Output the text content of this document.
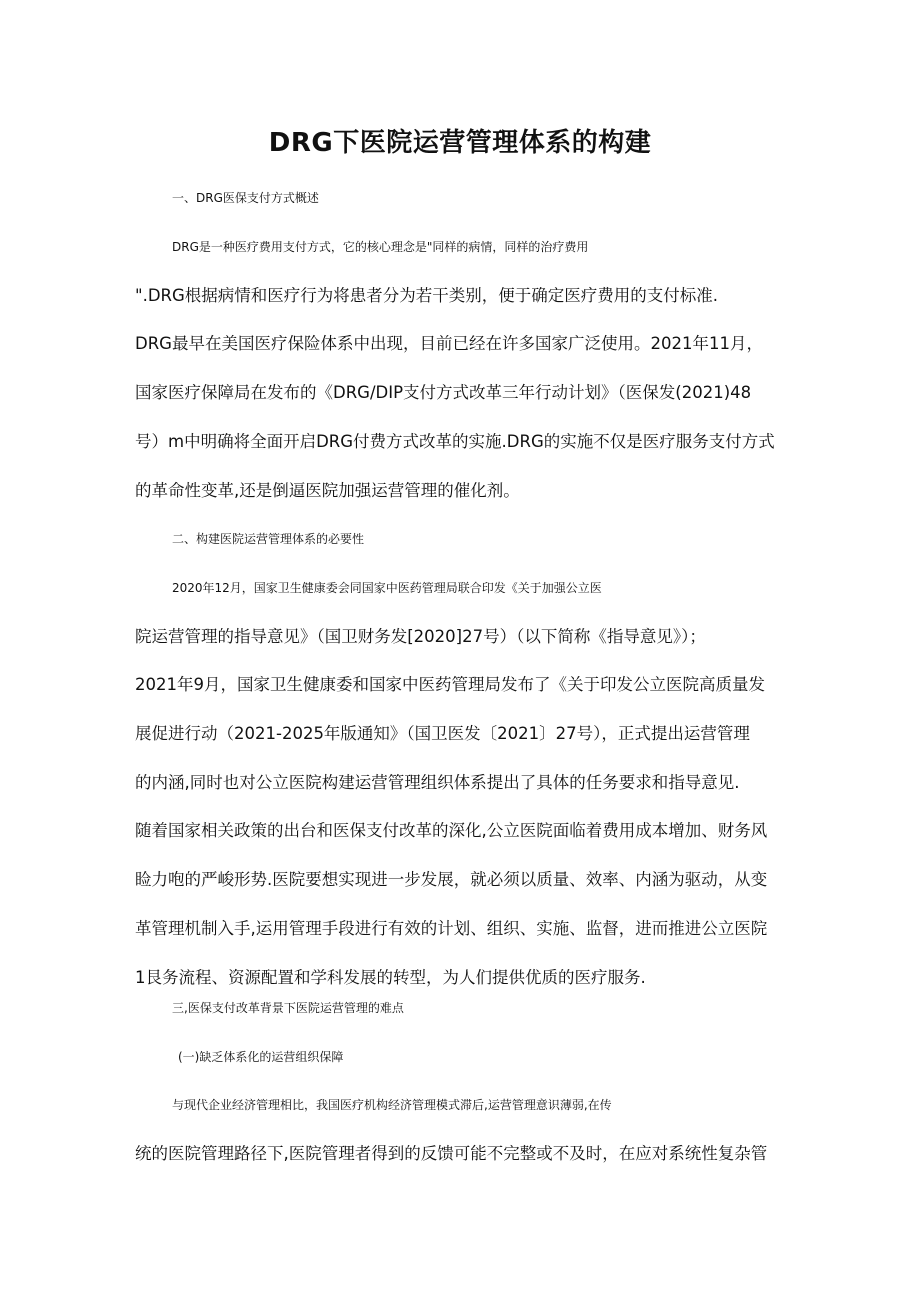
DRG下医院运营管理体系的构建
一、DRG医保支付方式概述
DRG是一种医疗费用支付方式，它的核心理念是"同样的病情，同样的治疗费用
".DRG根据病情和医疗行为将患者分为若干类别，便于确定医疗费用的支付标准.
DRG最早在美国医疗保险体系中出现，目前已经在许多国家广泛使用。2021年11月，
国家医疗保障局在发布的《DRG/DIP支付方式改革三年行动计划》（医保发(2021)48
号）m中明确将全面开启DRG付费方式改革的实施.DRG的实施不仅是医疗服务支付方式
的革命性变革,还是倒逼医院加强运营管理的催化剂。
二、构建医院运营管理体系的必要性
2020年12月，国家卫生健康委会同国家中医药管理局联合印发《关于加强公立医
院运营管理的指导意见》（国卫财务发[2020]27号）（以下简称《指导意见》）；
2021年9月，国家卫生健康委和国家中医药管理局发布了《关于印发公立医院高质量发
展促进行动（2021-2025年版通知》（国卫医发〔2021〕27号），正式提出运营管理
的内涵,同时也对公立医院构建运营管理组织体系提出了具体的任务要求和指导意见.
随着国家相关政策的出台和医保支付改革的深化,公立医院面临着费用成本增加、财务风
睑力咆的严峻形势.医院要想实现进一步发展，就必须以质量、效率、内涵为驱动，从变
革管理机制入手,运用管理手段进行有效的计划、组织、实施、监督，进而推进公立医院
1艮务流程、资源配置和学科发展的转型，为人们提供优质的医疗服务.
三,医保支付改革背景下医院运营管理的难点
(一)缺乏体系化的运营组织保障
与现代企业经济管理相比，我国医疗机构经济管理模式滞后,运营管理意识薄弱,在传
统的医院管理路径下,医院管理者得到的反馈可能不完整或不及时，在应对系统性复杂管
